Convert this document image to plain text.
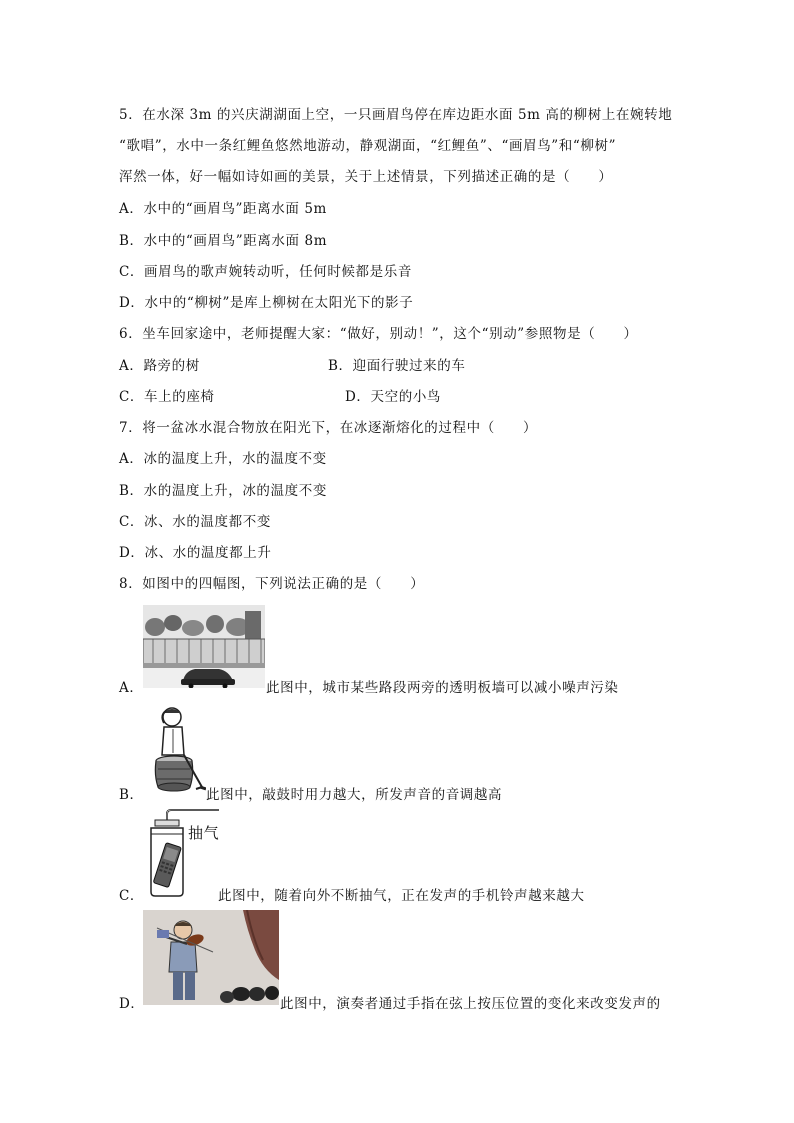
5．在水深 3m 的兴庆湖湖面上空，一只画眉鸟停在库边距水面 5m 高的柳树上在婉转地
“歌唱”，水中一条红鲤鱼悠然地游动，静观湖面，“红鲤鱼”、“画眉鸟”和“柳树”
浑然一体，好一幅如诗如画的美景，关于上述情景，下列描述正确的是（　　）
A．水中的“画眉鸟”距离水面 5m
B．水中的“画眉鸟”距离水面 8m
C．画眉鸟的歌声婉转动听，任何时候都是乐音
D．水中的“柳树”是库上柳树在太阳光下的影子
6．坐车回家途中，老师提醒大家：“做好，别动！”，这个“别动”参照物是（　　）
A．路旁的树	B．迎面行驶过来的车
C．车上的座椅	D．天空的小鸟
7．将一盆冰水混合物放在阳光下，在冰逐渐熔化的过程中（　　）
A．冰的温度上升，水的温度不变
B．水的温度上升，冰的温度不变
C．冰、水的温度都不变
D．冰、水的温度都上升
8．如图中的四幅图，下列说法正确的是（　　）
A．	此图中，城市某些路段两旁的透明板墙可以减小噪声污染
B．	此图中，敲鼓时用力越大，所发声音的音调越高
抽气
C．	此图中，随着向外不断抽气，正在发声的手机铃声越来越大
D．	此图中，演奏者通过手指在弦上按压位置的变化来改变发声的
